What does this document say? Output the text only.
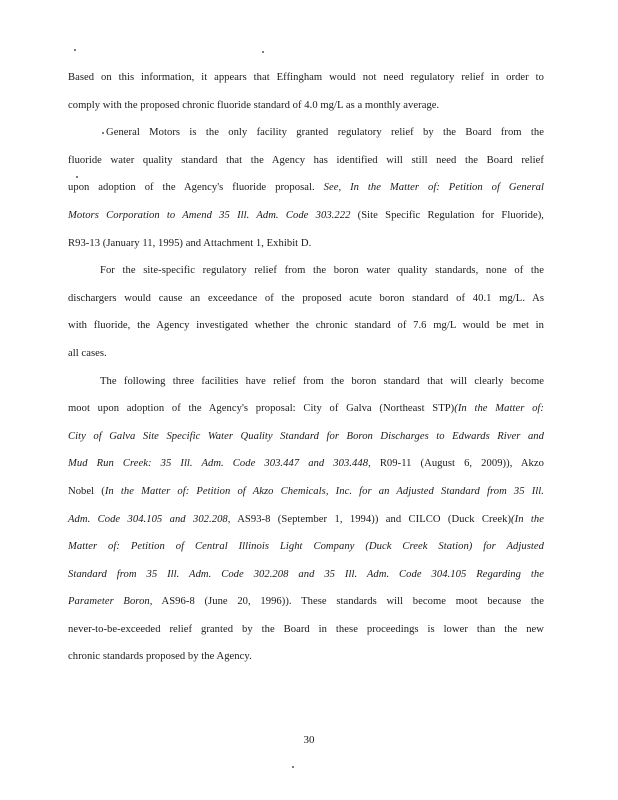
Based on this information, it appears that Effingham would not need regulatory relief in order to
comply with the proposed chronic fluoride standard of 4.0 mg/L as a monthly average.

General Motors is the only facility granted regulatory relief by the Board from the
fluoride water quality standard that the Agency has identified will still need the Board relief
upon adoption of the Agency's fluoride proposal. See, In the Matter of: Petition of General
Motors Corporation to Amend 35 Ill. Adm. Code 303.222 (Site Specific Regulation for Fluoride),
R93-13 (January 11, 1995) and Attachment 1, Exhibit D.

For the site-specific regulatory relief from the boron water quality standards, none of the
dischargers would cause an exceedance of the proposed acute boron standard of 40.1 mg/L. As
with fluoride, the Agency investigated whether the chronic standard of 7.6 mg/L would be met in
all cases.

The following three facilities have relief from the boron standard that will clearly become
moot upon adoption of the Agency's proposal: City of Galva (Northeast STP)(In the Matter of:
City of Galva Site Specific Water Quality Standard for Boron Discharges to Edwards River and
Mud Run Creek: 35 Ill. Adm. Code 303.447 and 303.448, R09-11 (August 6, 2009)), Akzo
Nobel (In the Matter of: Petition of Akzo Chemicals, Inc. for an Adjusted Standard from 35 Ill.
Adm. Code 304.105 and 302.208, AS93-8 (September 1, 1994)) and CILCO (Duck Creek)(In the
Matter of: Petition of Central Illinois Light Company (Duck Creek Station) for Adjusted
Standard from 35 Ill. Adm. Code 302.208 and 35 Ill. Adm. Code 304.105 Regarding the
Parameter Boron, AS96-8 (June 20, 1996)). These standards will become moot because the
never-to-be-exceeded relief granted by the Board in these proceedings is lower than the new
chronic standards proposed by the Agency.

30
